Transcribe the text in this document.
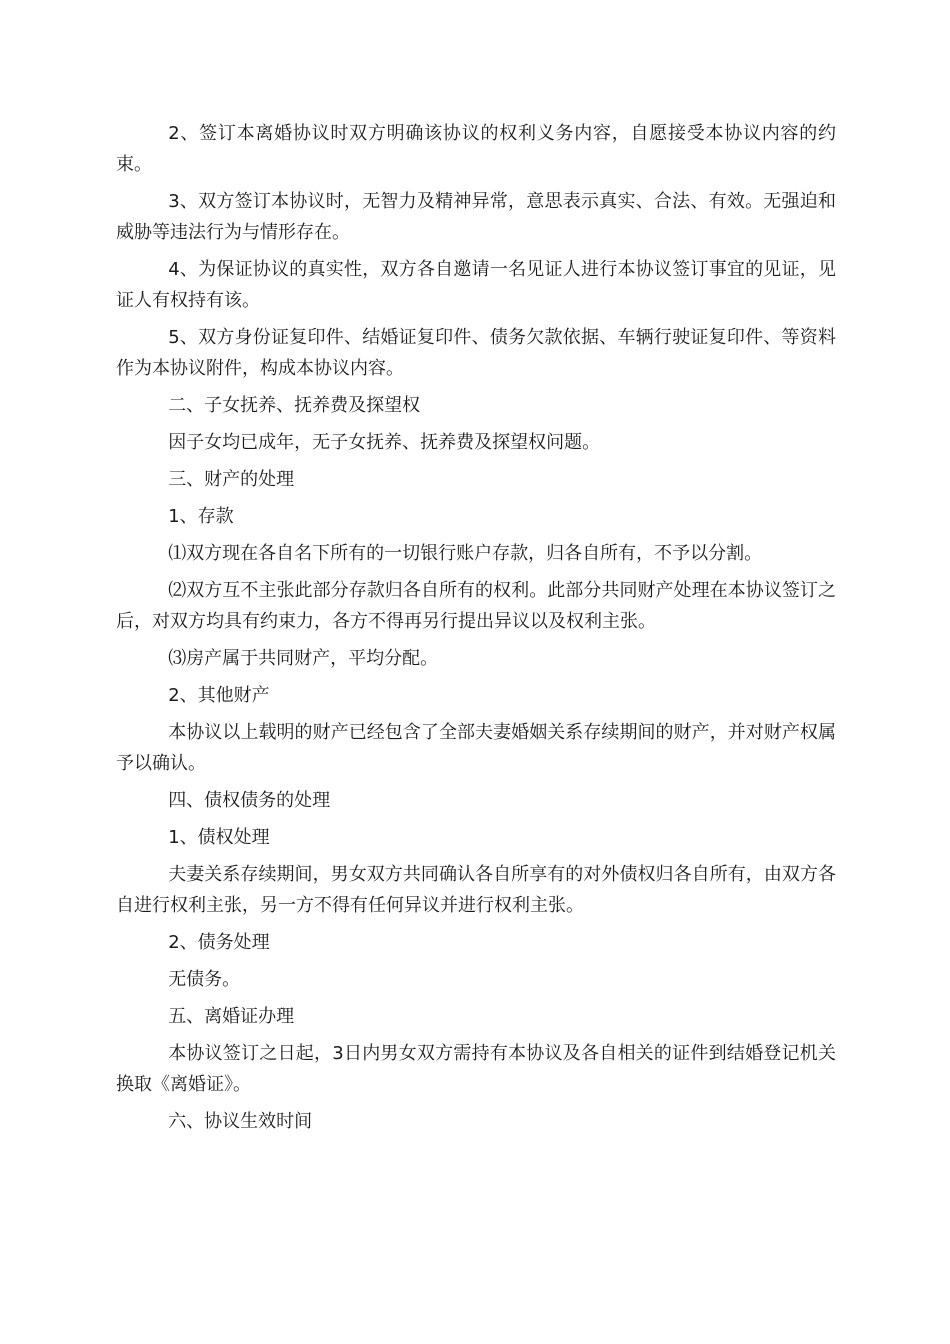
2、签订本离婚协议时双方明确该协议的权利义务内容，自愿接受本协议内容的约束。

3、双方签订本协议时，无智力及精神异常，意思表示真实、合法、有效。无强迫和威胁等违法行为与情形存在。

4、为保证协议的真实性，双方各自邀请一名见证人进行本协议签订事宜的见证，见证人有权持有该。

5、双方身份证复印件、结婚证复印件、债务欠款依据、车辆行驶证复印件、等资料作为本协议附件，构成本协议内容。

二、子女抚养、抚养费及探望权

因子女均已成年，无子女抚养、抚养费及探望权问题。

三、财产的处理

1、存款

⑴双方现在各自名下所有的一切银行账户存款，归各自所有，不予以分割。

⑵双方互不主张此部分存款归各自所有的权利。此部分共同财产处理在本协议签订之后，对双方均具有约束力，各方不得再另行提出异议以及权利主张。

⑶房产属于共同财产，平均分配。

2、其他财产

本协议以上载明的财产已经包含了全部夫妻婚姻关系存续期间的财产，并对财产权属予以确认。

四、债权债务的处理

1、债权处理

夫妻关系存续期间，男女双方共同确认各自所享有的对外债权归各自所有，由双方各自进行权利主张，另一方不得有任何异议并进行权利主张。

2、债务处理

无债务。

五、离婚证办理

本协议签订之日起，3日内男女双方需持有本协议及各自相关的证件到结婚登记机关换取《离婚证》。

六、协议生效时间
